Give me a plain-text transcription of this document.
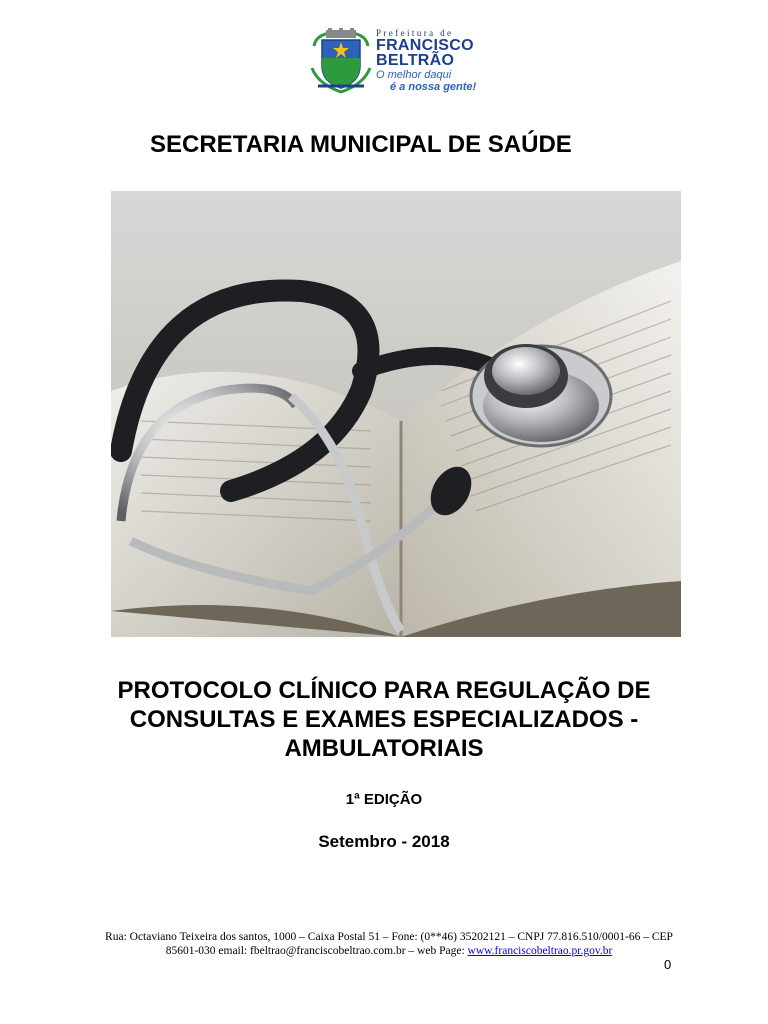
Prefeitura de
FRANCISCO
BELTRÃO
O melhor daqui
é a nossa gente!
SECRETARIA MUNICIPAL DE SAÚDE
PROTOCOLO CLÍNICO PARA REGULAÇÃO DE
CONSULTAS E EXAMES ESPECIALIZADOS -
AMBULATORIAIS
1ª EDIÇÃO
Setembro - 2018
Rua: Octaviano Teixeira dos santos, 1000 – Caixa Postal 51 – Fone: (0**46) 35202121 – CNPJ 77.816.510/0001-66 – CEP
85601-030 email: fbeltrao@franciscobeltrao.com.br – web Page: www.franciscobeltrao.pr.gov.br
0
